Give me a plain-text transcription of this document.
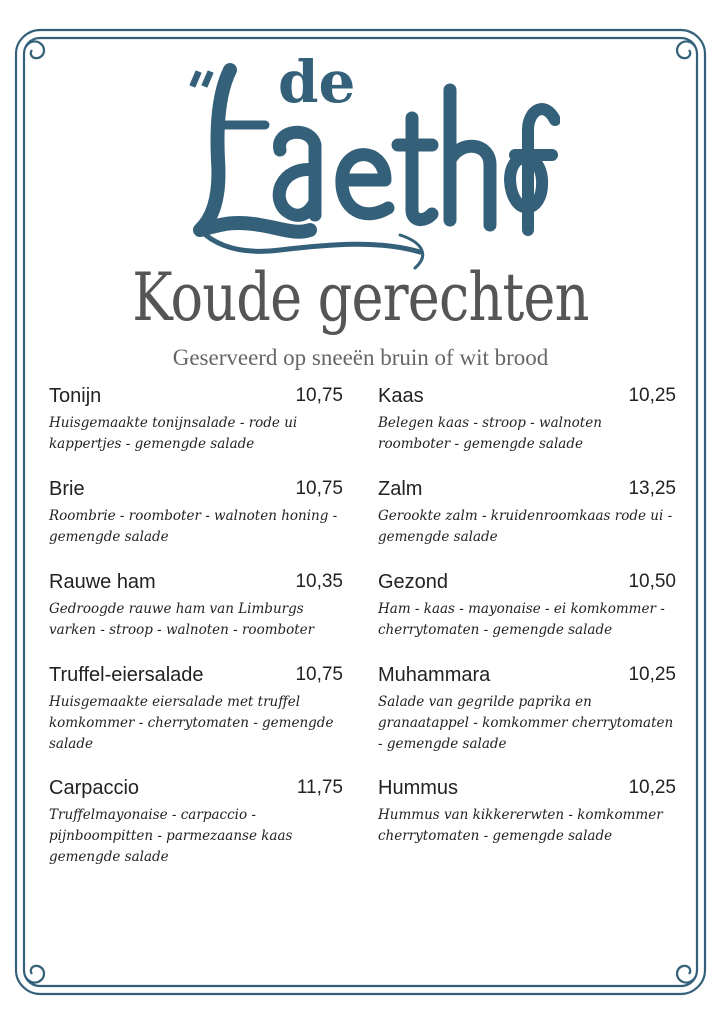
de
Koude gerechten
Geserveerd op sneeën bruin of wit brood
Tonijn	10,75
Huisgemaakte tonijnsalade - rode ui kappertjes - gemengde salade
Kaas	10,25
Belegen kaas - stroop - walnoten roomboter - gemengde salade
Brie	10,75
Roombrie - roomboter - walnoten honing - gemengde salade
Zalm	13,25
Gerookte zalm - kruidenroomkaas rode ui - gemengde salade
Rauwe ham	10,35
Gedroogde rauwe ham van Limburgs varken - stroop - walnoten - roomboter
Gezond	10,50
Ham - kaas - mayonaise - ei komkommer - cherrytomaten - gemengde salade
Truffel-eiersalade	10,75
Huisgemaakte eiersalade met truffel komkommer - cherrytomaten - gemengde salade
Muhammara	10,25
Salade van gegrilde paprika en granaatappel - komkommer cherrytomaten - gemengde salade
Carpaccio	11,75
Truffelmayonaise - carpaccio - pijnboompitten - parmezaanse kaas gemengde salade
Hummus	10,25
Hummus van kikkererwten - komkommer cherrytomaten - gemengde salade
